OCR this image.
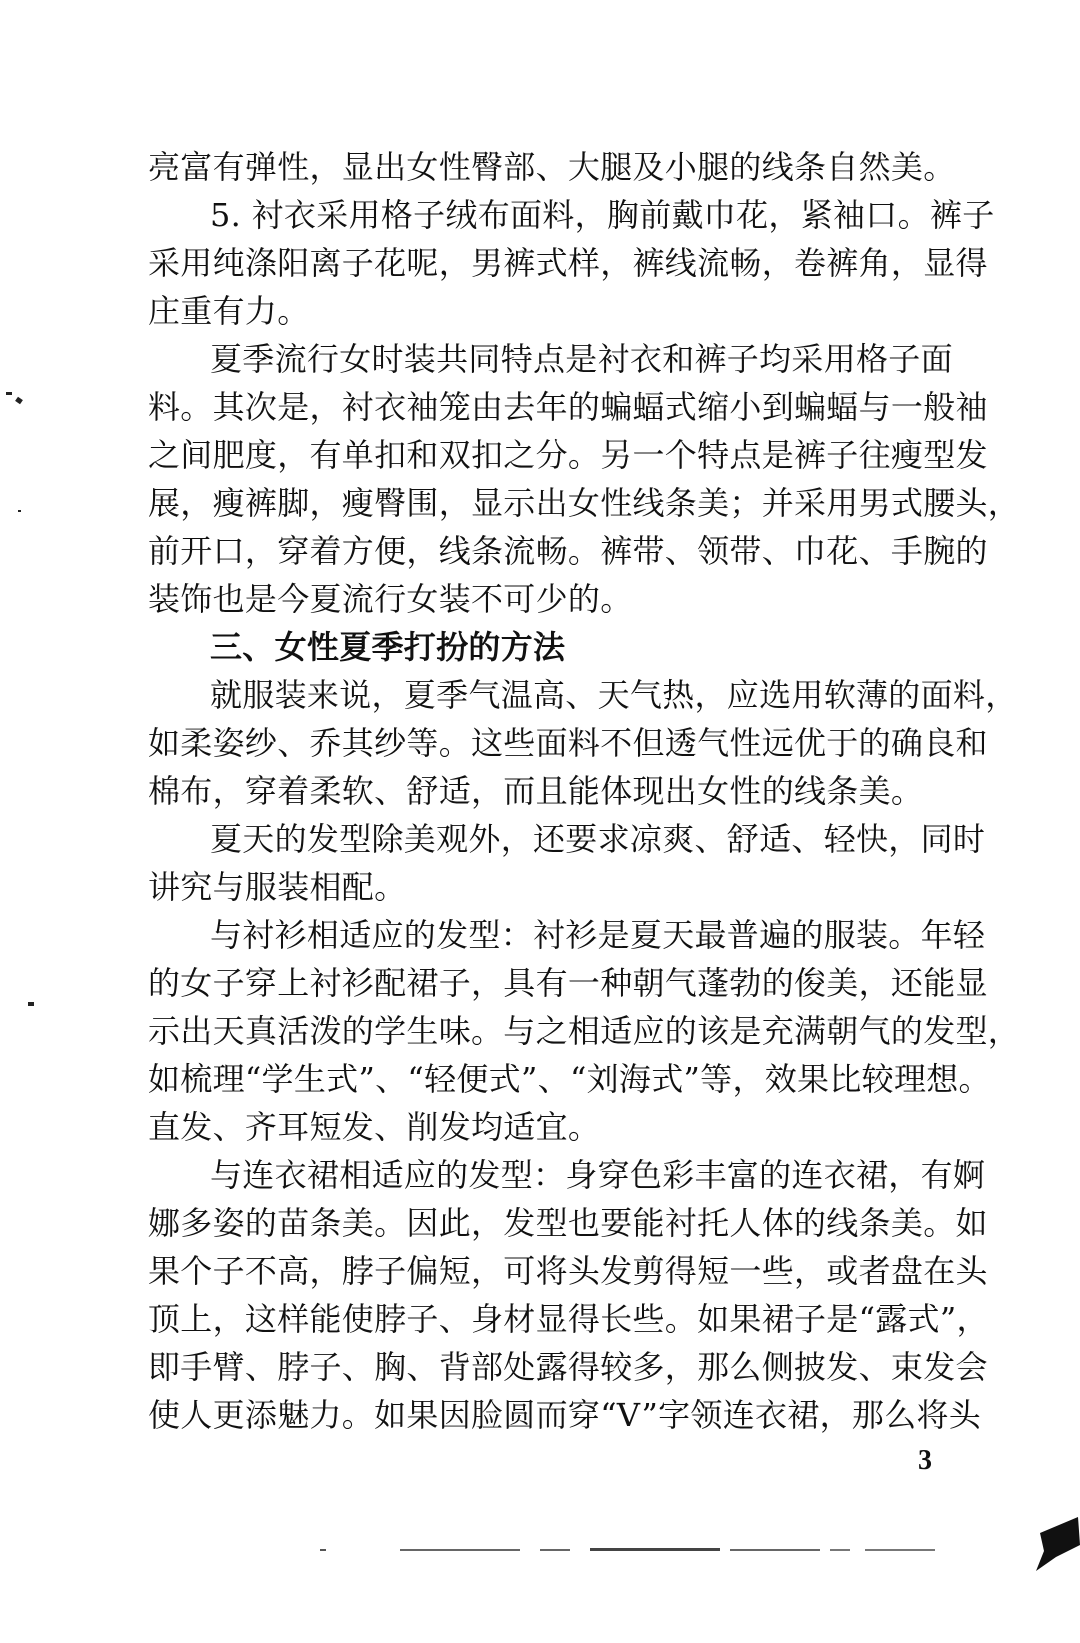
亮富有弹性，显出女性臀部、大腿及小腿的线条自然美。
5. 衬衣采用格子绒布面料，胸前戴巾花，紧袖口。裤子
采用纯涤阳离子花呢，男裤式样，裤线流畅，卷裤角，显得
庄重有力。
夏季流行女时装共同特点是衬衣和裤子均采用格子面
料。其次是，衬衣袖笼由去年的蝙蝠式缩小到蝙蝠与一般袖
之间肥度，有单扣和双扣之分。另一个特点是裤子往瘦型发
展，瘦裤脚，瘦臀围，显示出女性线条美；并采用男式腰头，
前开口，穿着方便，线条流畅。裤带、领带、巾花、手腕的
装饰也是今夏流行女装不可少的。
三、女性夏季打扮的方法
就服装来说，夏季气温高、天气热，应选用软薄的面料，
如柔姿纱、乔其纱等。这些面料不但透气性远优于的确良和
棉布，穿着柔软、舒适，而且能体现出女性的线条美。
夏天的发型除美观外，还要求凉爽、舒适、轻快，同时
讲究与服装相配。
与衬衫相适应的发型：衬衫是夏天最普遍的服装。年轻
的女子穿上衬衫配裙子，具有一种朝气蓬勃的俊美，还能显
示出天真活泼的学生味。与之相适应的该是充满朝气的发型，
如梳理“学生式”、“轻便式”、“刘海式”等，效果比较理想。
直发、齐耳短发、削发均适宜。
与连衣裙相适应的发型：身穿色彩丰富的连衣裙，有婀
娜多姿的苗条美。因此，发型也要能衬托人体的线条美。如
果个子不高，脖子偏短，可将头发剪得短一些，或者盘在头
顶上，这样能使脖子、身材显得长些。如果裙子是“露式”，
即手臂、脖子、胸、背部处露得较多，那么侧披发、束发会
使人更添魅力。如果因脸圆而穿“V”字领连衣裙，那么将头
3
